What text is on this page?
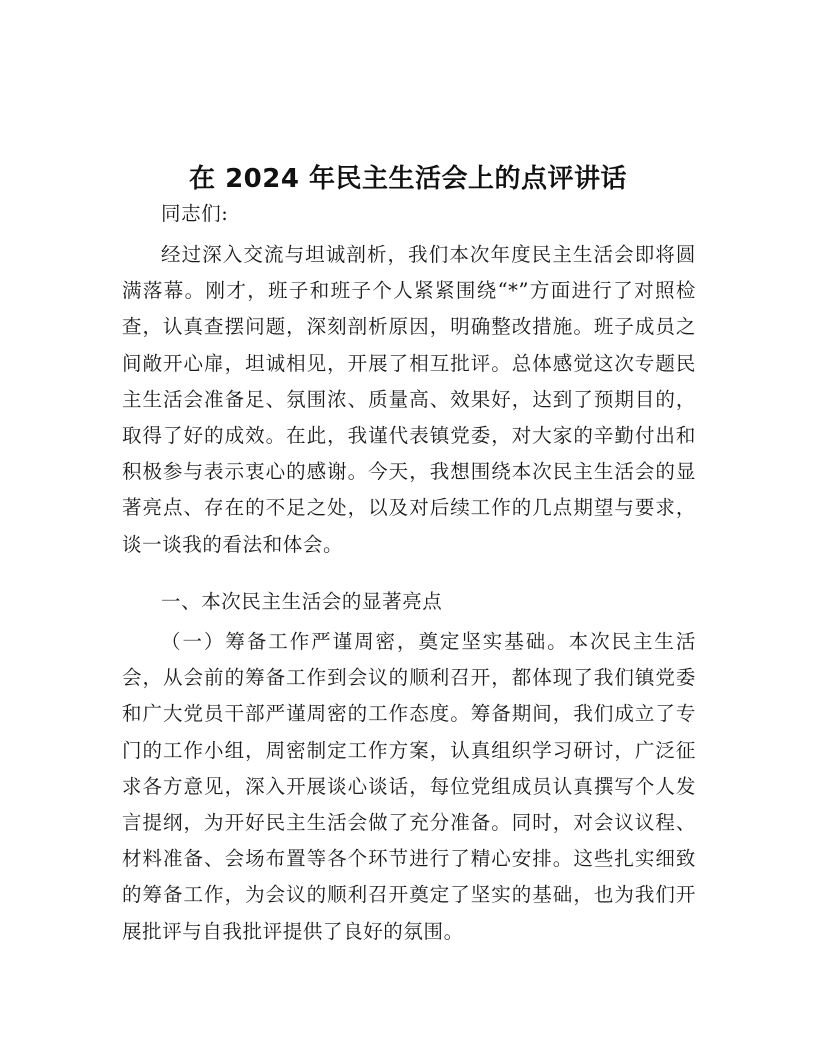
在 2024 年民主生活会上的点评讲话

同志们:

经过深入交流与坦诚剖析，我们本次年度民主生活会即将圆满落幕。刚才，班子和班子个人紧紧围绕“*”方面进行了对照检查，认真查摆问题，深刻剖析原因，明确整改措施。班子成员之间敞开心扉，坦诚相见，开展了相互批评。总体感觉这次专题民主生活会准备足、氛围浓、质量高、效果好，达到了预期目的，取得了好的成效。在此，我谨代表镇党委，对大家的辛勤付出和积极参与表示衷心的感谢。今天，我想围绕本次民主生活会的显著亮点、存在的不足之处，以及对后续工作的几点期望与要求，谈一谈我的看法和体会。

一、本次民主生活会的显著亮点

（一）筹备工作严谨周密，奠定坚实基础。本次民主生活会，从会前的筹备工作到会议的顺利召开，都体现了我们镇党委和广大党员干部严谨周密的工作态度。筹备期间，我们成立了专门的工作小组，周密制定工作方案，认真组织学习研讨，广泛征求各方意见，深入开展谈心谈话，每位党组成员认真撰写个人发言提纲，为开好民主生活会做了充分准备。同时，对会议议程、材料准备、会场布置等各个环节进行了精心安排。这些扎实细致的筹备工作，为会议的顺利召开奠定了坚实的基础，也为我们开展批评与自我批评提供了良好的氛围。
